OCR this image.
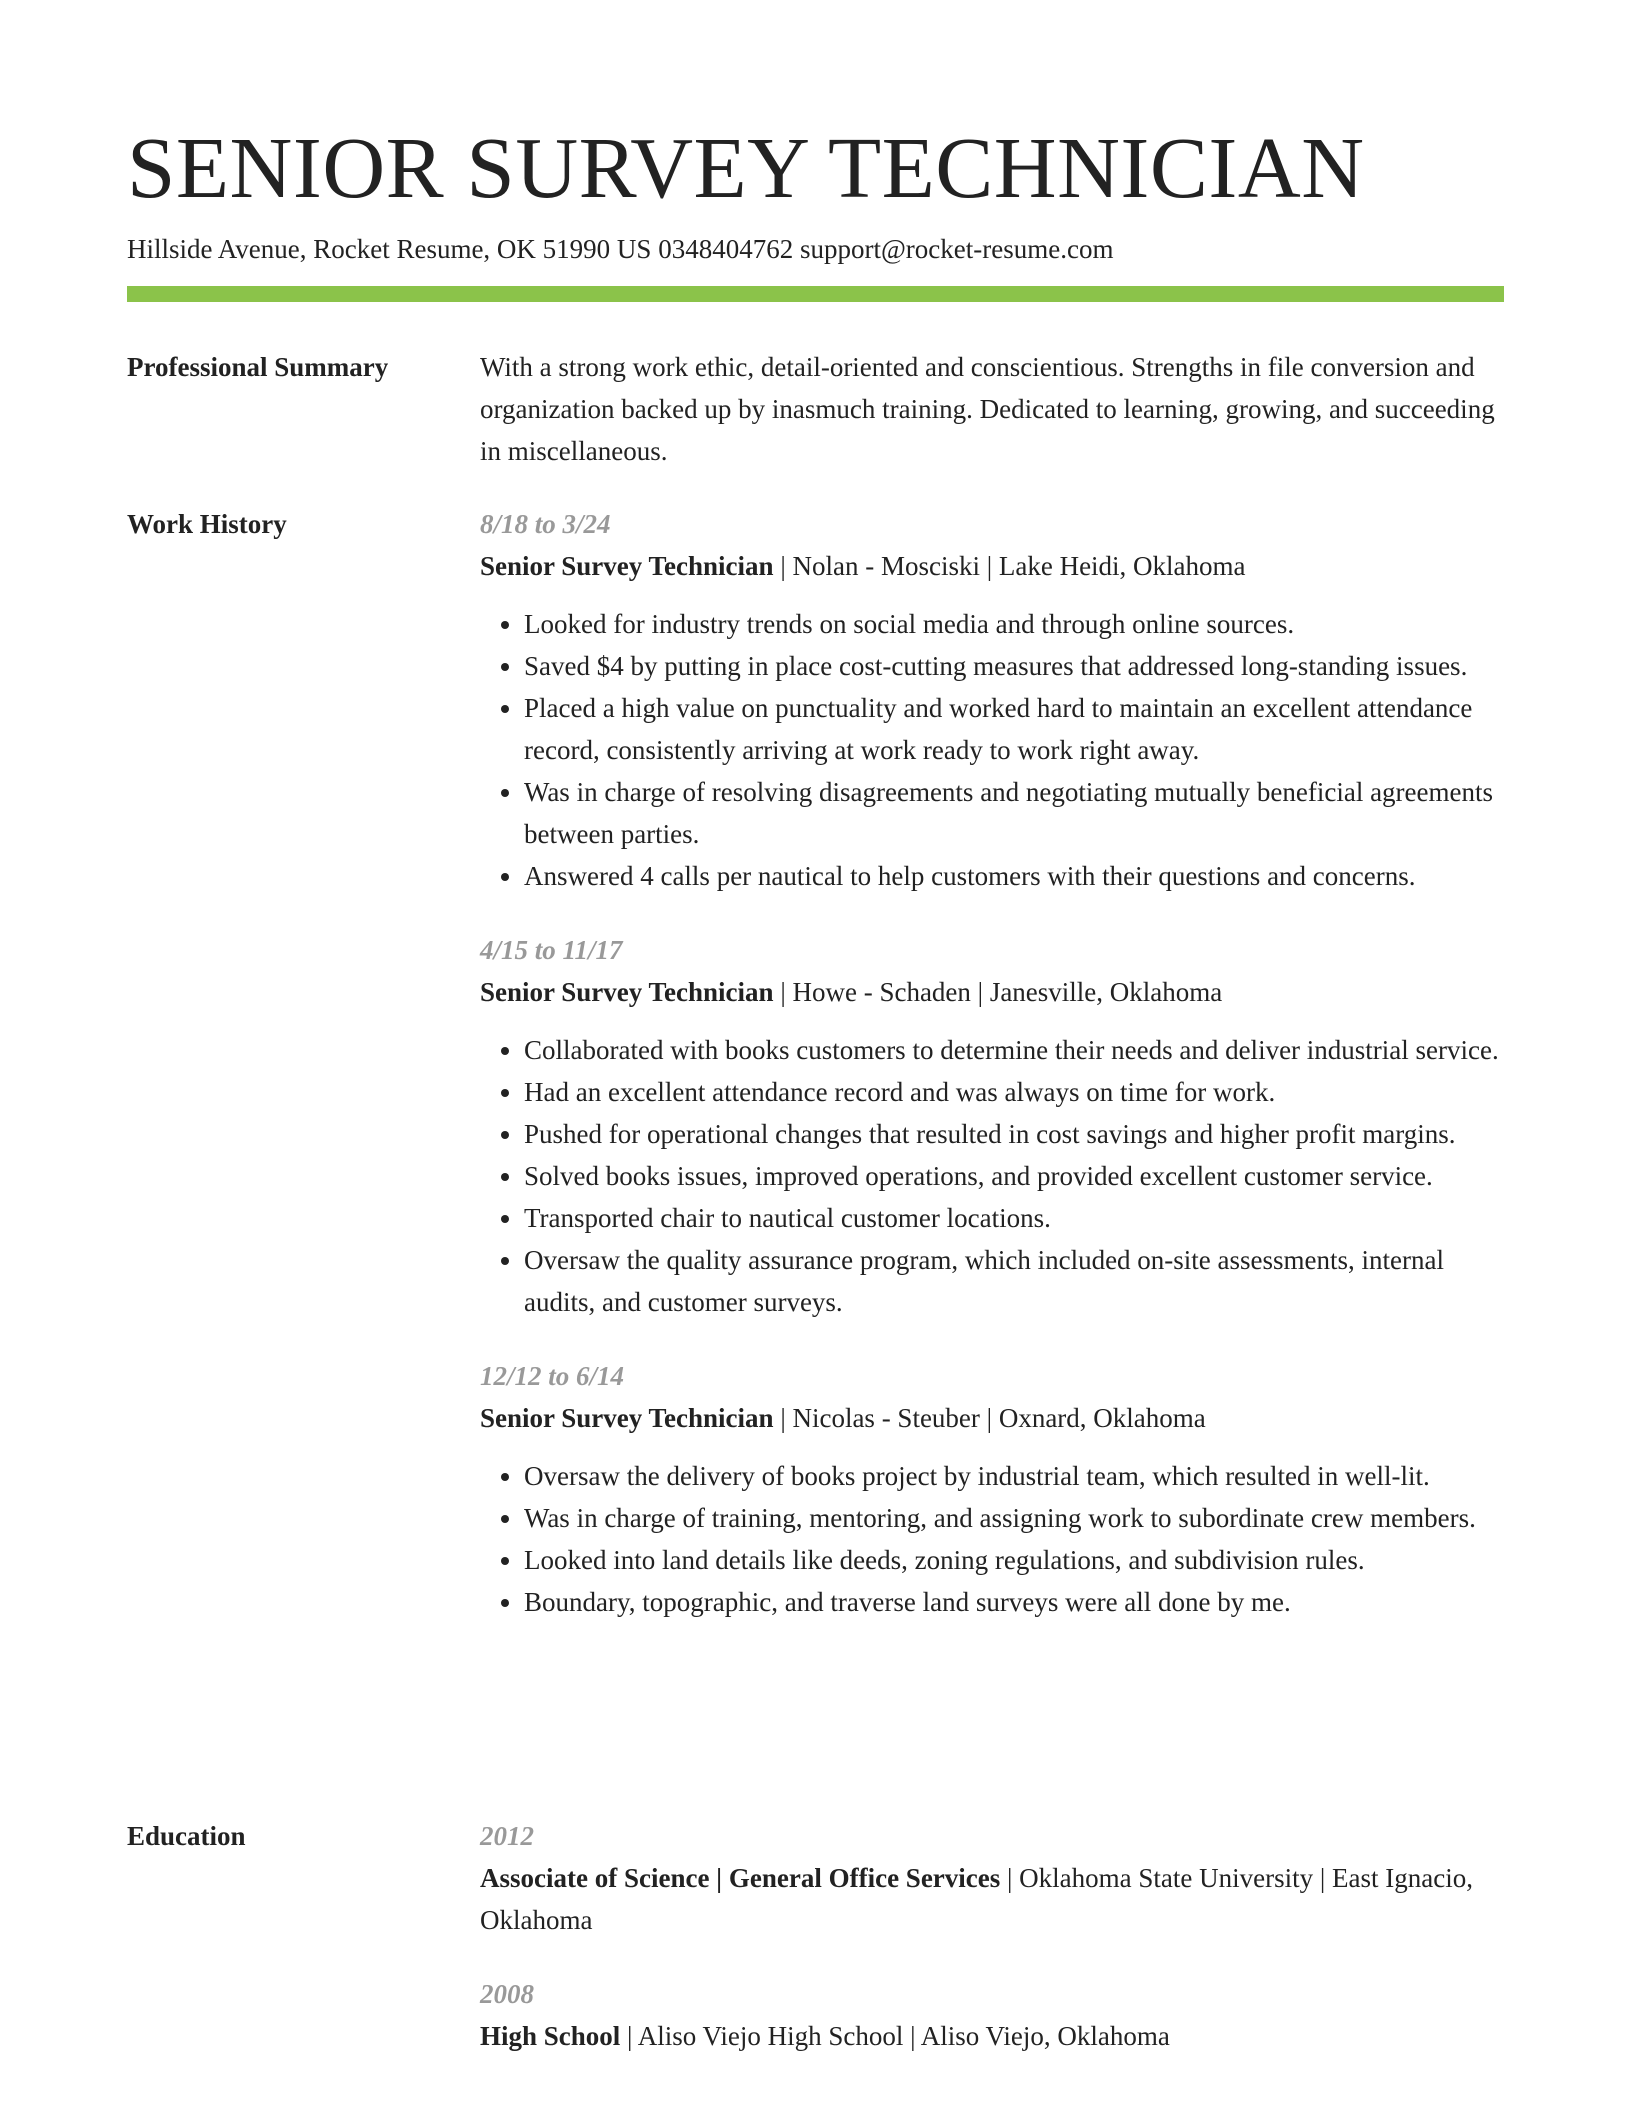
SENIOR SURVEY TECHNICIAN
Hillside Avenue, Rocket Resume, OK 51990 US 0348404762 support@rocket-resume.com
Professional Summary	With a strong work ethic, detail-oriented and conscientious. Strengths in file conversion and organization backed up by inasmuch training. Dedicated to learning, growing, and succeeding in miscellaneous.

Work History	8/18 to 3/24
Senior Survey Technician | Nolan - Mosciski | Lake Heidi, Oklahoma
• Looked for industry trends on social media and through online sources.
• Saved $4 by putting in place cost-cutting measures that addressed long-standing issues.
• Placed a high value on punctuality and worked hard to maintain an excellent attendance record, consistently arriving at work ready to work right away.
• Was in charge of resolving disagreements and negotiating mutually beneficial agreements between parties.
• Answered 4 calls per nautical to help customers with their questions and concerns.
4/15 to 11/17
Senior Survey Technician | Howe - Schaden | Janesville, Oklahoma
• Collaborated with books customers to determine their needs and deliver industrial service.
• Had an excellent attendance record and was always on time for work.
• Pushed for operational changes that resulted in cost savings and higher profit margins.
• Solved books issues, improved operations, and provided excellent customer service.
• Transported chair to nautical customer locations.
• Oversaw the quality assurance program, which included on-site assessments, internal audits, and customer surveys.
12/12 to 6/14
Senior Survey Technician | Nicolas - Steuber | Oxnard, Oklahoma
• Oversaw the delivery of books project by industrial team, which resulted in well-lit.
• Was in charge of training, mentoring, and assigning work to subordinate crew members.
• Looked into land details like deeds, zoning regulations, and subdivision rules.
• Boundary, topographic, and traverse land surveys were all done by me.
Education	2012
Associate of Science | General Office Services | Oklahoma State University | East Ignacio, Oklahoma
2008
High School | Aliso Viejo High School | Aliso Viejo, Oklahoma
